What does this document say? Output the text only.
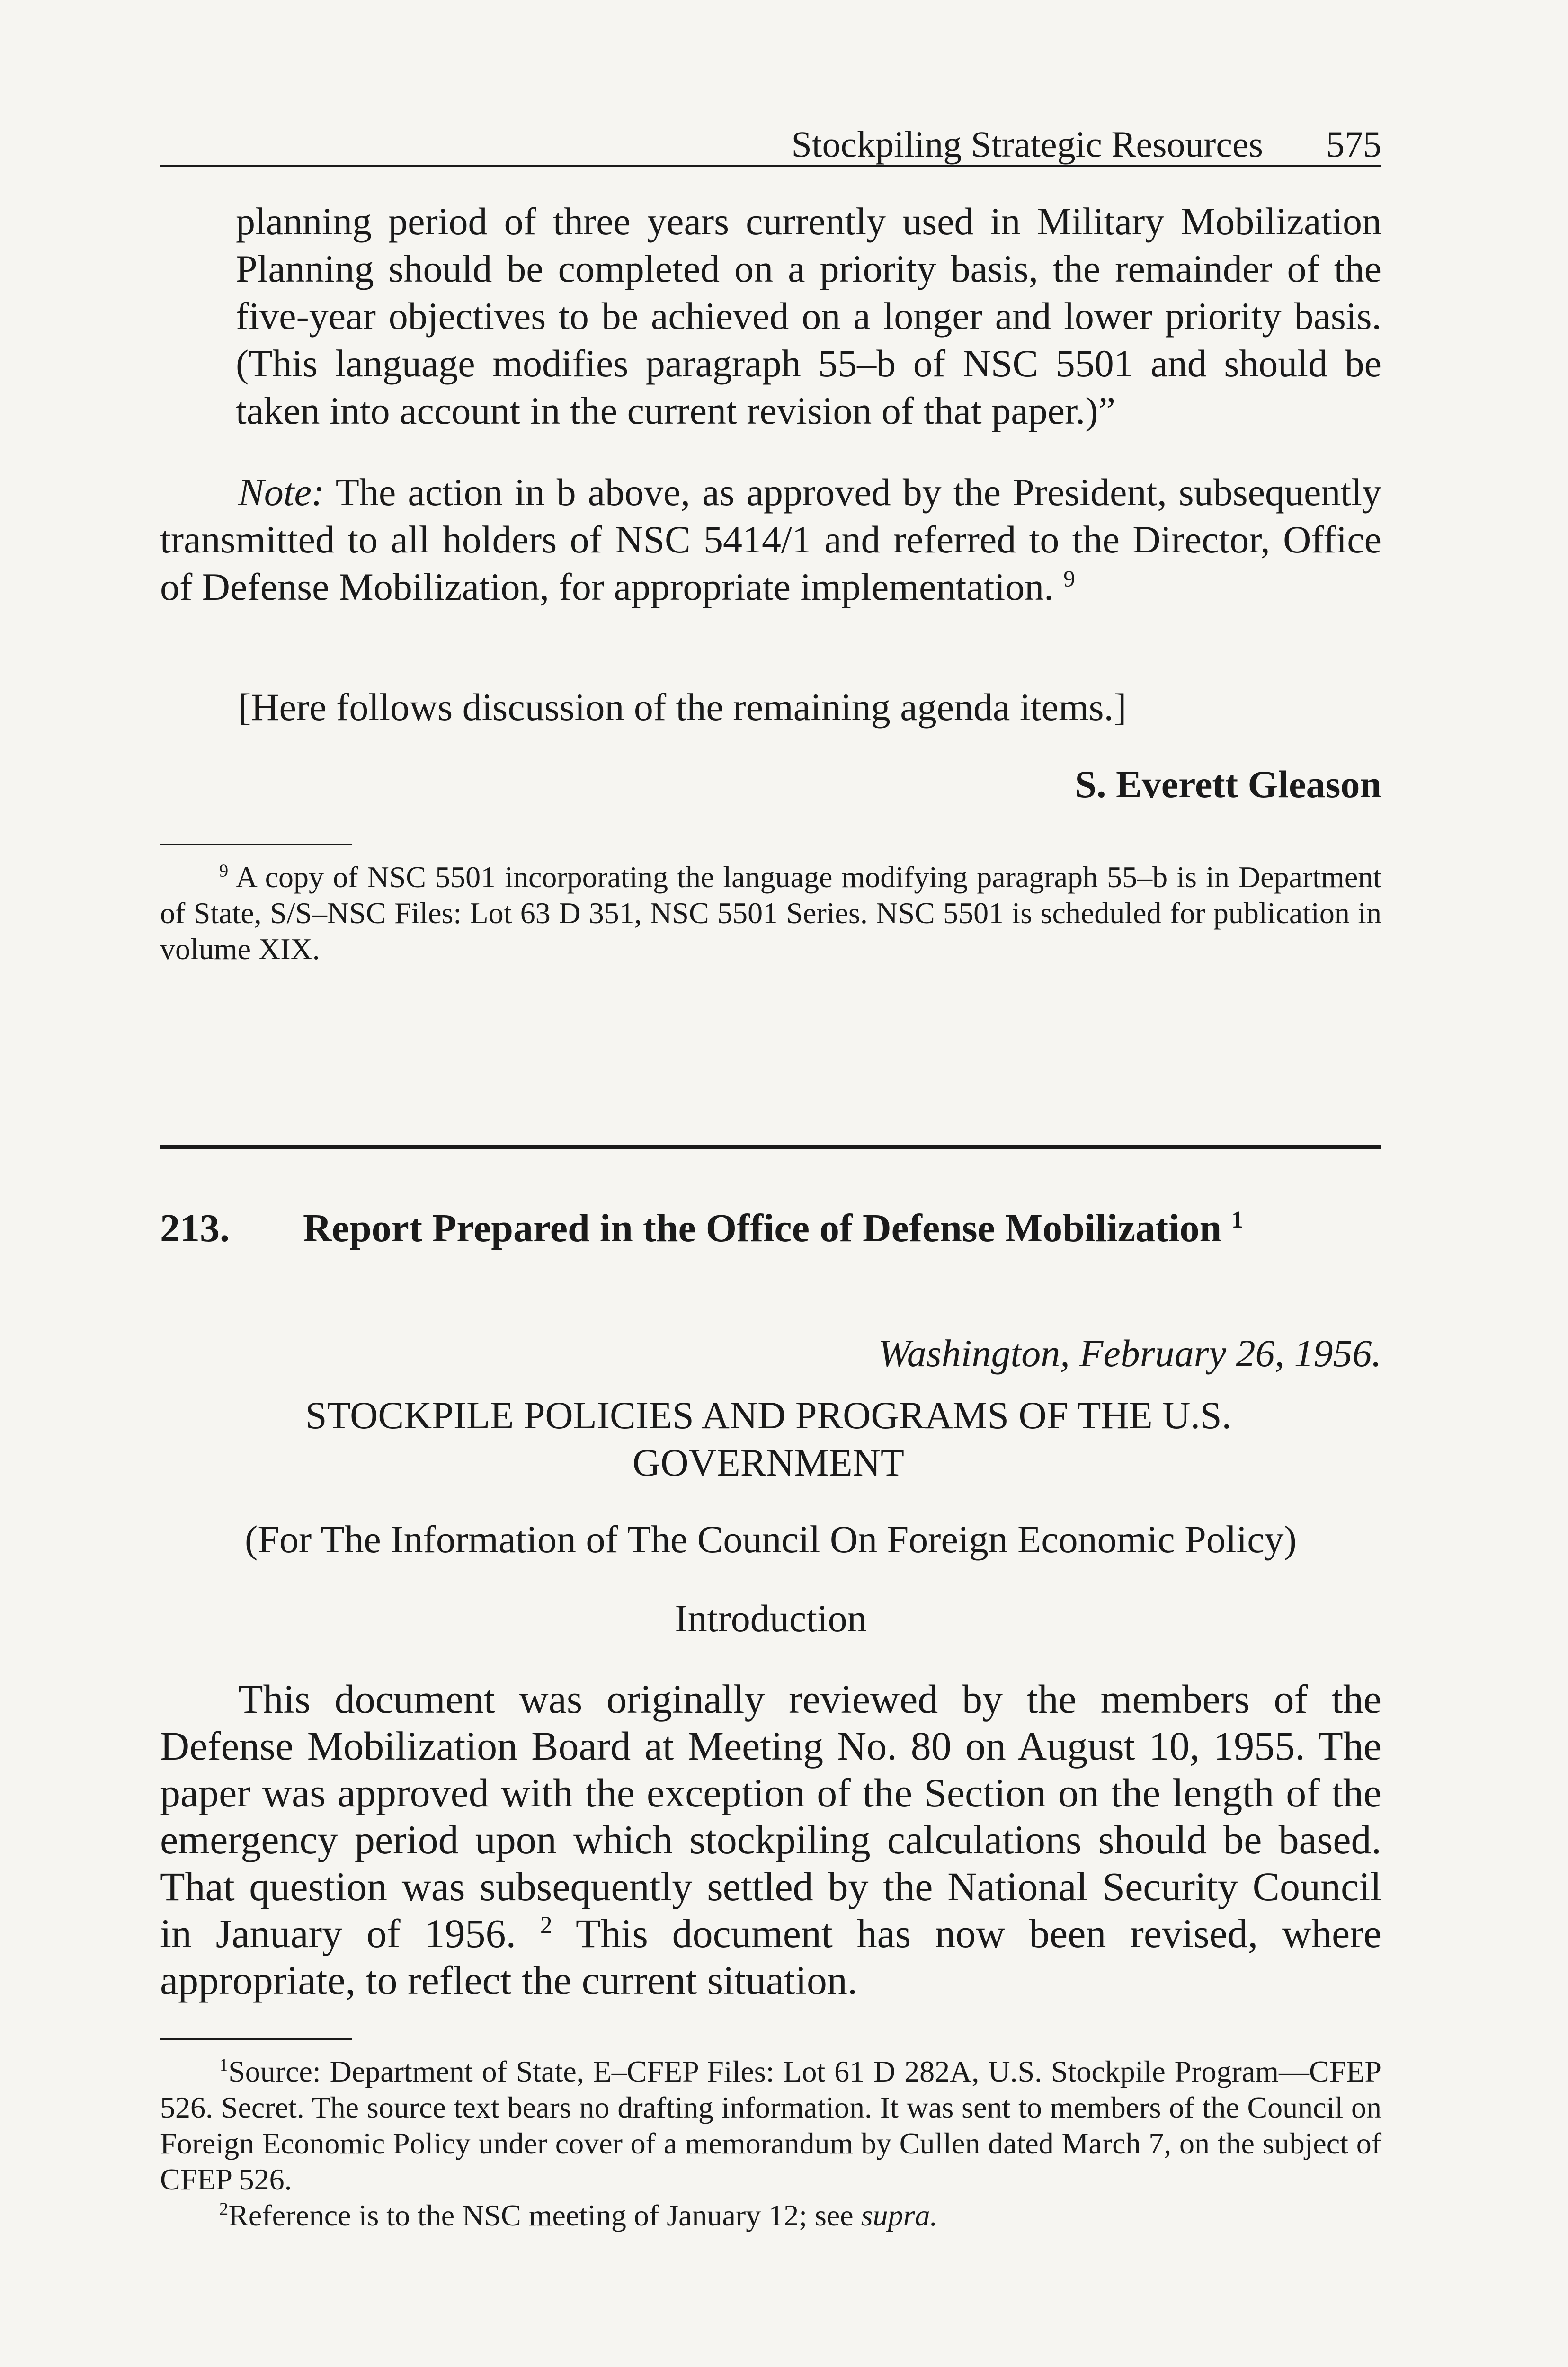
Stockpiling Strategic Resources 575

planning period of three years currently used in Military Mobilization Planning should be completed on a priority basis, the remainder of the five-year objectives to be achieved on a longer and lower priority basis. (This language modifies paragraph 55–b of NSC 5501 and should be taken into account in the current revision of that paper.)”

Note: The action in b above, as approved by the President, subsequently transmitted to all holders of NSC 5414/1 and referred to the Director, Office of Defense Mobilization, for appropriate implementation. $^9$

[Here follows discussion of the remaining agenda items.]

S. Everett Gleason

$^9$ A copy of NSC 5501 incorporating the language modifying paragraph 55–b is in Department of State, S/S–NSC Files: Lot 63 D 351, NSC 5501 Series. NSC 5501 is scheduled for publication in volume XIX.

213. Report Prepared in the Office of Defense Mobilization $^1$

Washington, February 26, 1956.

STOCKPILE POLICIES AND PROGRAMS OF THE U.S. GOVERNMENT

(For The Information of The Council On Foreign Economic Policy)

Introduction

This document was originally reviewed by the members of the Defense Mobilization Board at Meeting No. 80 on August 10, 1955. The paper was approved with the exception of the Section on the length of the emergency period upon which stockpiling calculations should be based. That question was subsequently settled by the National Security Council in January of 1956. $^2$ This document has now been revised, where appropriate, to reflect the current situation.

$^1$Source: Department of State, E–CFEP Files: Lot 61 D 282A, U.S. Stockpile Program—CFEP 526. Secret. The source text bears no drafting information. It was sent to members of the Council on Foreign Economic Policy under cover of a memorandum by Cullen dated March 7, on the subject of CFEP 526.

$^2$Reference is to the NSC meeting of January 12; see supra.
